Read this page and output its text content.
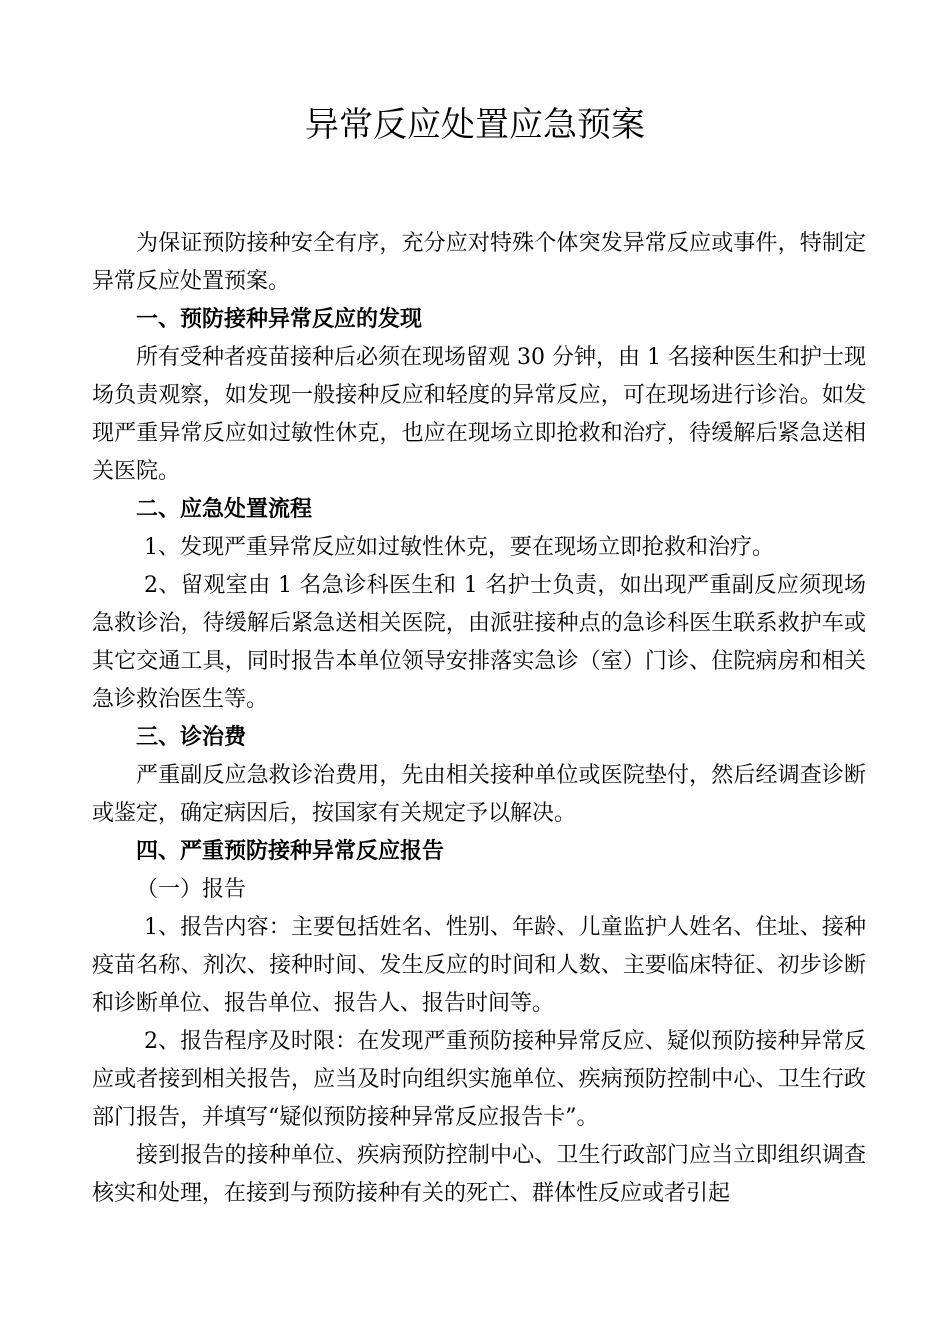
异常反应处置应急预案

为保证预防接种安全有序，充分应对特殊个体突发异常反应或事件，特制定异常反应处置预案。

一、预防接种异常反应的发现

所有受种者疫苗接种后必须在现场留观 30 分钟，由 1 名接种医生和护士现场负责观察，如发现一般接种反应和轻度的异常反应，可在现场进行诊治。如发现严重异常反应如过敏性休克，也应在现场立即抢救和治疗，待缓解后紧急送相关医院。

二、应急处置流程

1、发现严重异常反应如过敏性休克，要在现场立即抢救和治疗。

2、留观室由 1 名急诊科医生和 1 名护士负责，如出现严重副反应须现场急救诊治，待缓解后紧急送相关医院，由派驻接种点的急诊科医生联系救护车或其它交通工具，同时报告本单位领导安排落实急诊（室）门诊、住院病房和相关急诊救治医生等。

三、诊治费

严重副反应急救诊治费用，先由相关接种单位或医院垫付，然后经调查诊断或鉴定，确定病因后，按国家有关规定予以解决。

四、严重预防接种异常反应报告

（一）报告

1、报告内容：主要包括姓名、性别、年龄、儿童监护人姓名、住址、接种疫苗名称、剂次、接种时间、发生反应的时间和人数、主要临床特征、初步诊断和诊断单位、报告单位、报告人、报告时间等。

2、报告程序及时限：在发现严重预防接种异常反应、疑似预防接种异常反应或者接到相关报告，应当及时向组织实施单位、疾病预防控制中心、卫生行政部门报告，并填写“疑似预防接种异常反应报告卡”。

接到报告的接种单位、疾病预防控制中心、卫生行政部门应当立即组织调查核实和处理，在接到与预防接种有关的死亡、群体性反应或者引起
